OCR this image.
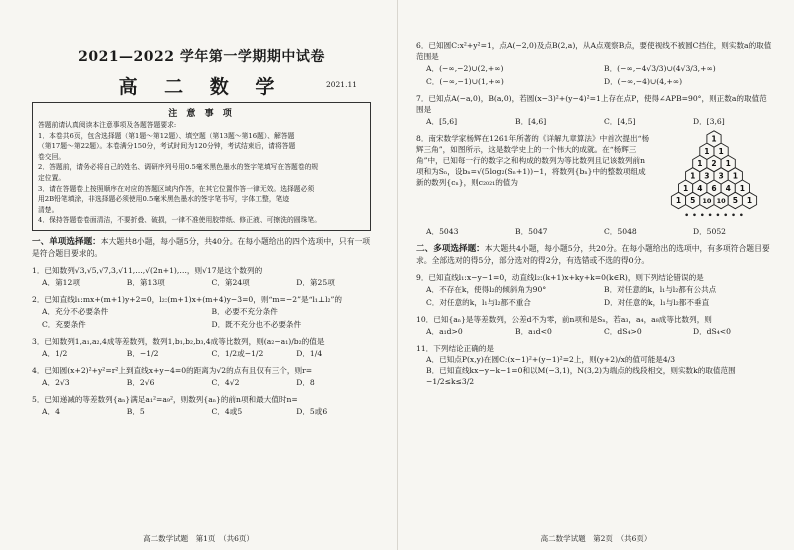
2021—2022 学年第一学期期中试卷
高 二 数 学	2021.11
注 意 事 项
答题前请认真阅读本注意事项及各题答题要求:
1．本卷共6页，包含选择题（第1题～第12题）、填空题（第13题～第16题）、解答题
（第17题～第22题）。本卷满分150分，考试时间为120分钟，考试结束后，请将答题
卷交回。
2．答题前，请务必将自己的姓名、调研序列号用0.5毫米黑色墨水的签字笔填写在答题卷的规
定位置。
3．请在答题卷上按照顺序在对应的答题区域内作答，在其它位置作答一律无效。选择题必须
用2B铅笔填涂，非选择题必须使用0.5毫米黑色墨水的签字笔书写，字体工整，笔迹
清楚。
4．保持答题卷卷面清洁，不要折叠、破损，一律不准使用胶带纸、修正液、可擦洗的圆珠笔。
一、单项选择题：本大题共8小题，每小题5分，共40分。在每小题给出的四个选项中，只有一项是符合题目要求的。
1．已知数列√3,√5,√7,3,√11,…,√(2n+1),…，则√17是这个数列的
A．第12项	B．第13项	C．第24项	D．第25项
2．已知直线l₁:mx+(m+1)y+2=0，l₂:(m+1)x+(m+4)y−3=0，则“m=−2”是“l₁⊥l₂”的
A．充分不必要条件	B．必要不充分条件
C．充要条件	D．既不充分也不必要条件
3．已知数列1,a₁,a₂,4成等差数列，数列1,b₁,b₂,b₃,4成等比数列，则(a₂−a₁)/b₂的值是
A．1/2	B．−1/2	C．1/2或−1/2	D．1/4
4．已知圆(x+2)²+y²=r²上到直线x+y−4=0的距离为√2的点有且仅有三个，则r=
A．2√3	B．2√6	C．4√2	D．8
5．已知递减的等差数列{aₙ}满足a₁²=a₉²，则数列{aₙ}的前n项和最大值时n=
A．4	B．5	C．4或5	D．5或6
高二数学试题　第1页　（共6页）
6．已知圆C:x²+y²=1，点A(−2,0)及点B(2,a)，从A点观察B点，要使视线不被圆C挡住，则实数a的取值范围是
A．(−∞,−2)∪(2,+∞)	B．(−∞,−4√3/3)∪(4√3/3,+∞)
C．(−∞,−1)∪(1,+∞)	D．(−∞,−4)∪(4,+∞)
7．已知点A(−a,0)，B(a,0)，若圆(x−3)²+(y−4)²=1上存在点P，使得∠APB=90°，则正数a的取值范围是
A．[5,6]	B．[4,6]	C．[4,5]	D．[3,6]
1
1 1
1 2 1
1 3 3 1
1 4 6 4 1
1 5 10 10 5 1
8．南宋数学家杨辉在1261年所著的《详解九章算法》中首次提出“杨辉三角”，如图所示，这是数学史上的一个伟大的成就。在“杨辉三角”中，已知每一行的数字之和构成的数列为等比数列且记该数列前n项和为Sₙ，设bₙ=√(5log₂(Sₙ+1))−1，将数列{bₙ}中的整数项组成新的数列{cₙ}，则c₂₀₂₁的值为
A．5043	B．5047	C．5048	D．5052
二、多项选择题：本大题共4小题，每小题5分，共20分。在每小题给出的选项中，有多项符合题目要求。全部选对的得5分，部分选对的得2分，有选错或不选的得0分。
9．已知直线l₁:x−y−1=0，动直线l₂:(k+1)x+ky+k=0(k∈R)，则下列结论错误的是
A．不存在k，使得l₂的倾斜角为90°	B．对任意的k，l₁与l₂都有公共点
C．对任意的k，l₁与l₂都不重合	D．对任意的k，l₁与l₂都不垂直
10．已知{aₙ}是等差数列，公差d不为零，前n项和是Sₙ，若a₃，a₄，a₈成等比数列，则
A．a₁d>0	B．a₁d<0	C．dS₄>0	D．dS₄<0
11．下列结论正确的是
A．已知点P(x,y)在圆C:(x−1)²+(y−1)²=2上，则(y+2)/x的值可能是4/3
B．已知直线kx−y−k−1=0和以M(−3,1)，N(3,2)为端点的线段相交，则实数k的取值范围−1/2≤k≤3/2
高二数学试题　第2页　（共6页）
